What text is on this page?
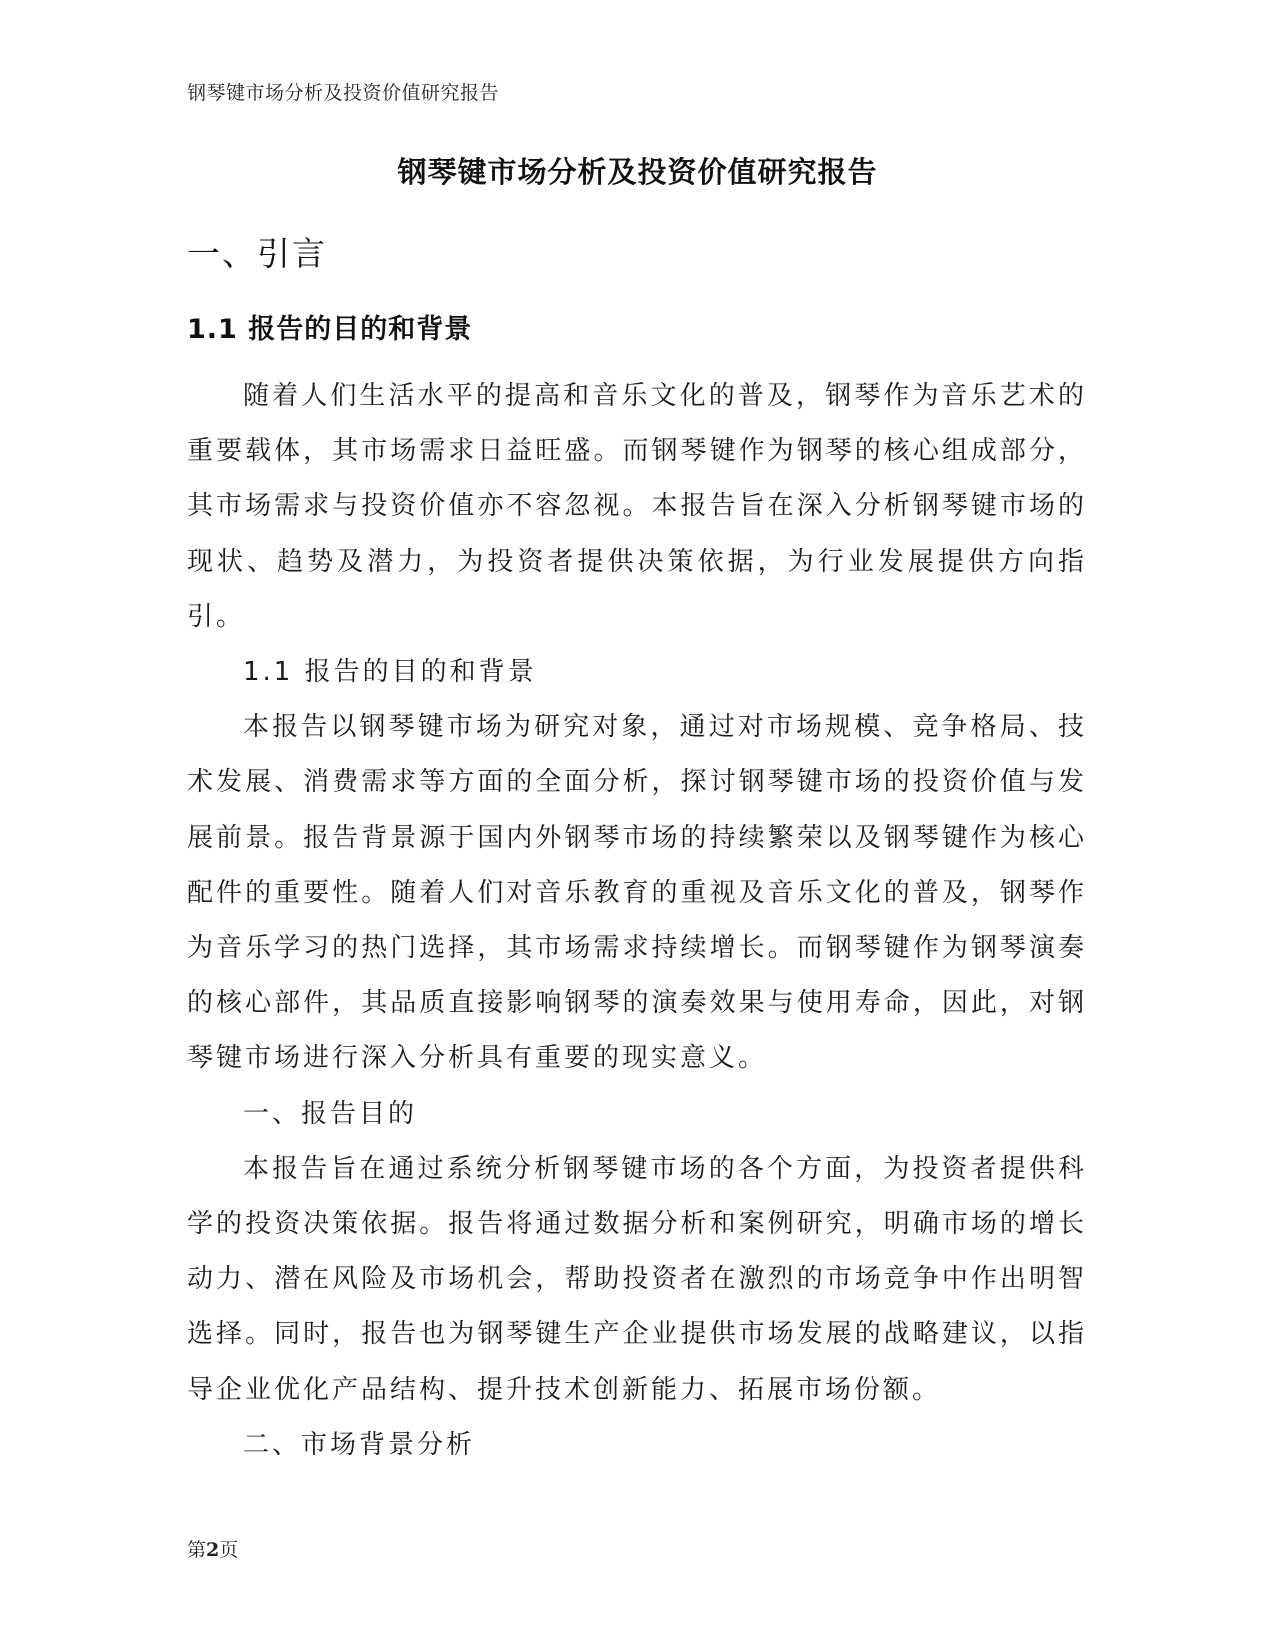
钢琴键市场分析及投资价值研究报告
钢琴键市场分析及投资价值研究报告
一、引言
1.1 报告的目的和背景

随着人们生活水平的提高和音乐文化的普及，钢琴作为音乐艺术的重要载体，其市场需求日益旺盛。而钢琴键作为钢琴的核心组成部分，其市场需求与投资价值亦不容忽视。本报告旨在深入分析钢琴键市场的现状、趋势及潜力，为投资者提供决策依据，为行业发展提供方向指引。

1.1 报告的目的和背景

本报告以钢琴键市场为研究对象，通过对市场规模、竞争格局、技术发展、消费需求等方面的全面分析，探讨钢琴键市场的投资价值与发展前景。报告背景源于国内外钢琴市场的持续繁荣以及钢琴键作为核心配件的重要性。随着人们对音乐教育的重视及音乐文化的普及，钢琴作为音乐学习的热门选择，其市场需求持续增长。而钢琴键作为钢琴演奏的核心部件，其品质直接影响钢琴的演奏效果与使用寿命，因此，对钢琴键市场进行深入分析具有重要的现实意义。

一、报告目的

本报告旨在通过系统分析钢琴键市场的各个方面，为投资者提供科学的投资决策依据。报告将通过数据分析和案例研究，明确市场的增长动力、潜在风险及市场机会，帮助投资者在激烈的市场竞争中作出明智选择。同时，报告也为钢琴键生产企业提供市场发展的战略建议，以指导企业优化产品结构、提升技术创新能力、拓展市场份额。

二、市场背景分析

第2页
